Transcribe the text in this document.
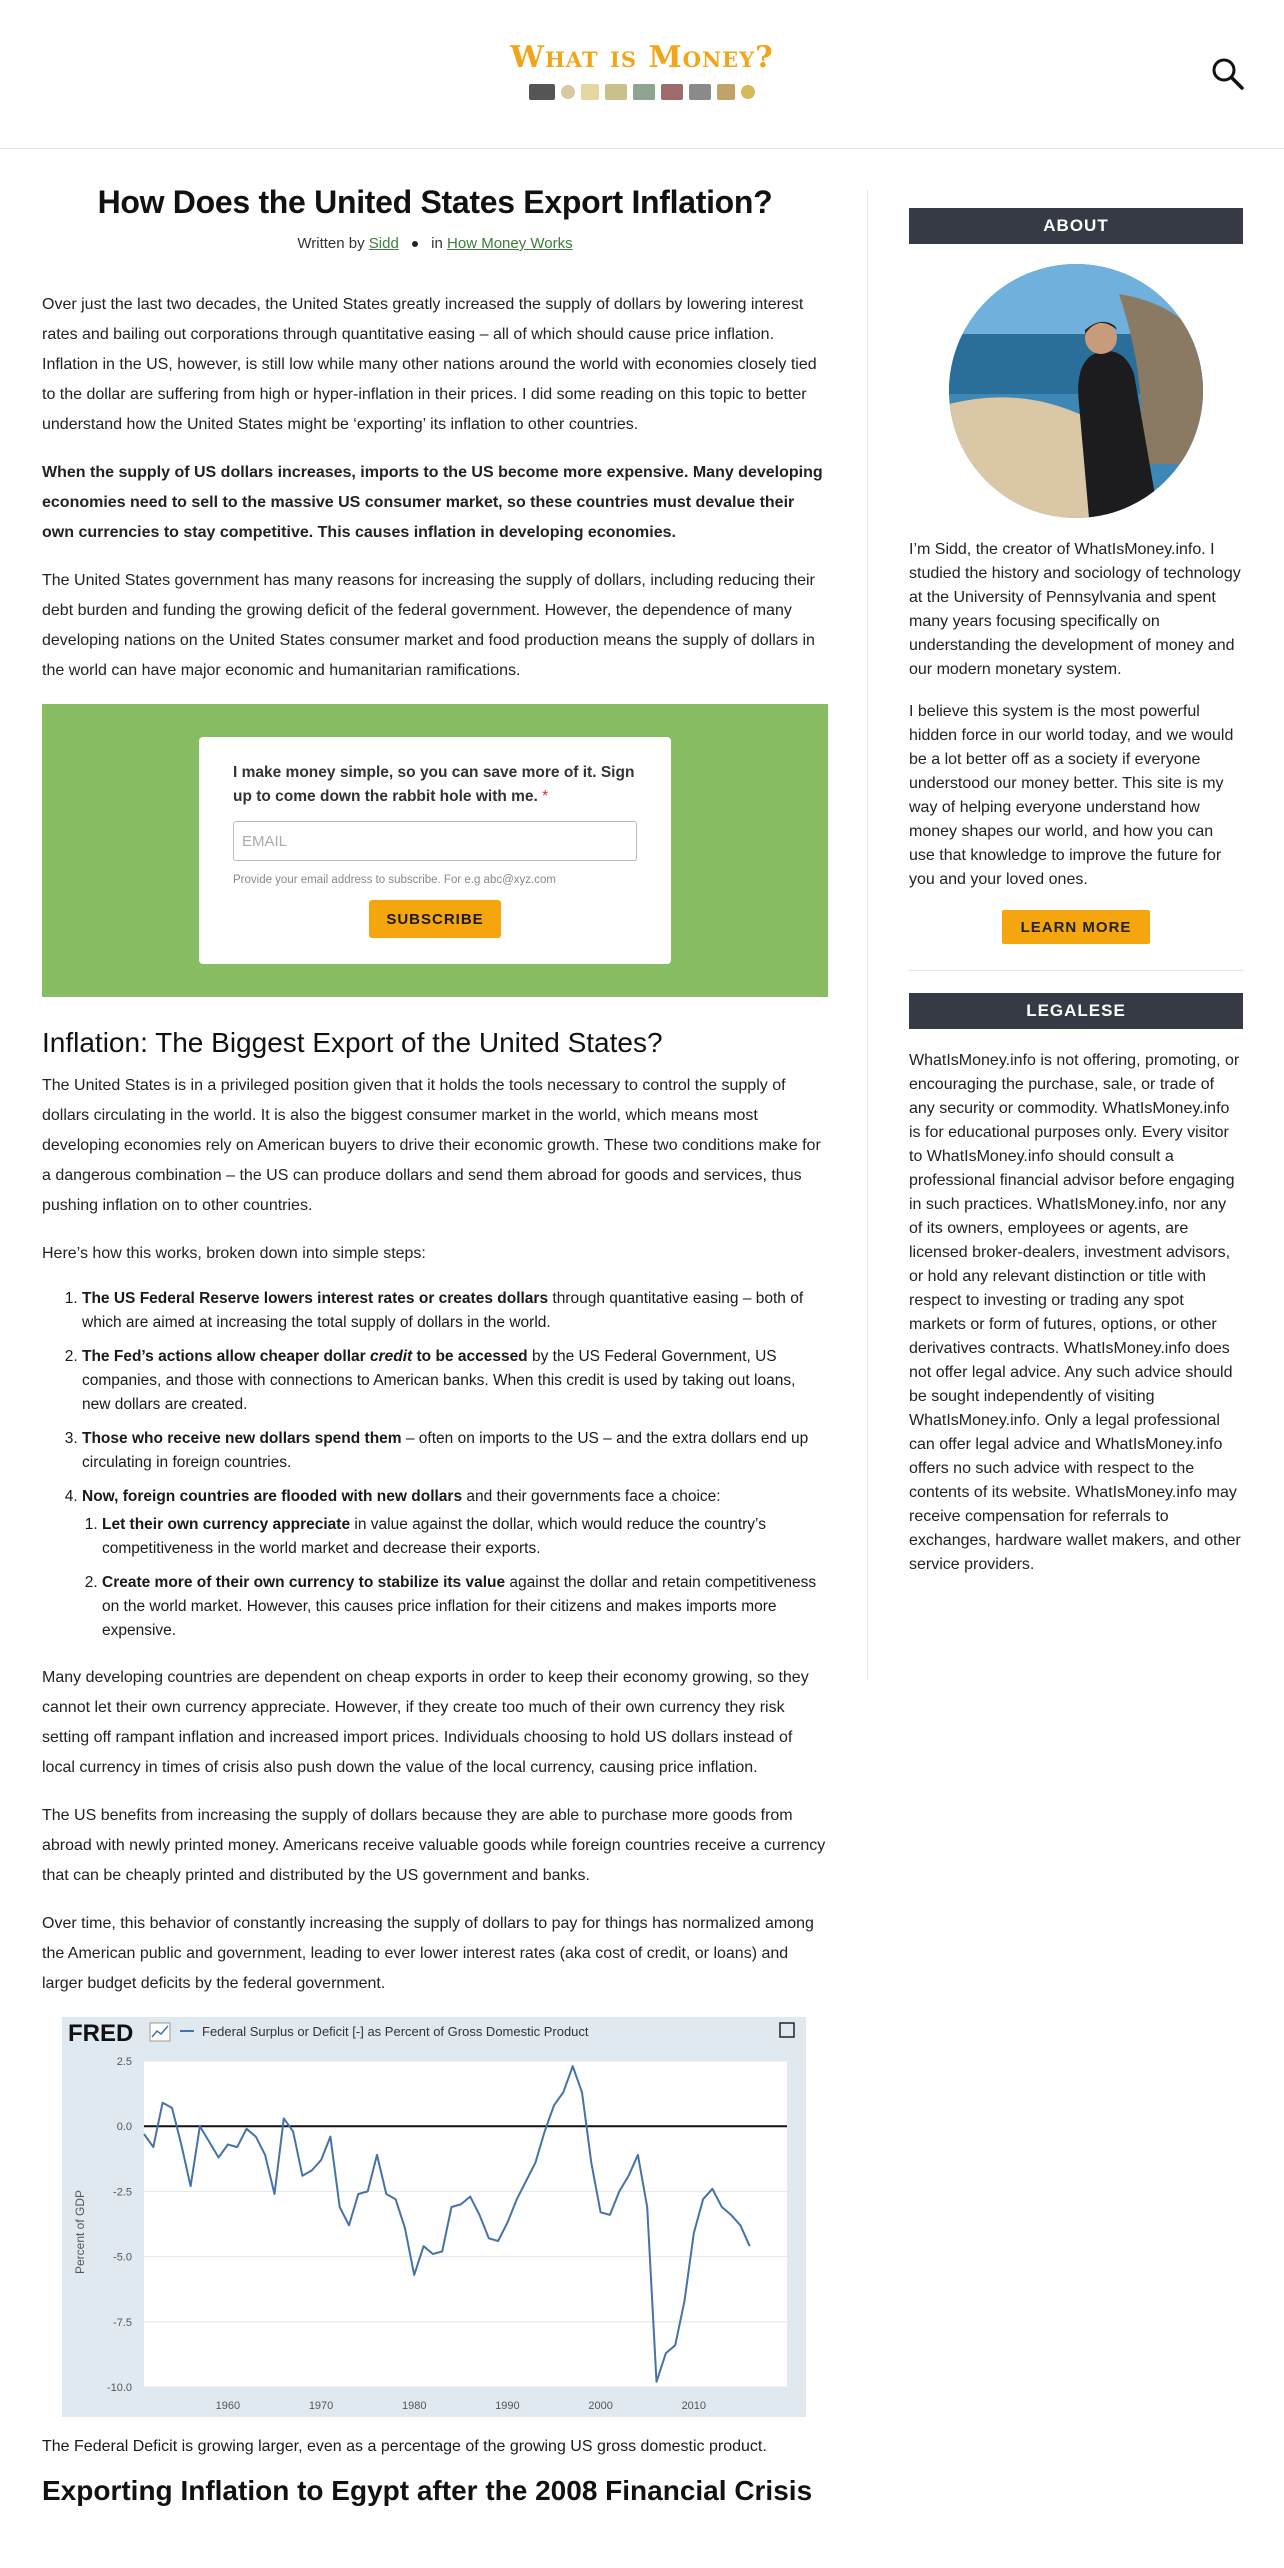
What is Money?
How Does the United States Export Inflation?
Written by Sidd in How Money Works

Over just the last two decades, the United States greatly increased the supply of dollars by lowering interest rates and bailing out corporations through quantitative easing – all of which should cause price inflation. Inflation in the US, however, is still low while many other nations around the world with economies closely tied to the dollar are suffering from high or hyper-inflation in their prices. I did some reading on this topic to better understand how the United States might be ‘exporting’ its inflation to other countries.

When the supply of US dollars increases, imports to the US become more expensive. Many developing economies need to sell to the massive US consumer market, so these countries must devalue their own currencies to stay competitive. This causes inflation in developing economies.

The United States government has many reasons for increasing the supply of dollars, including reducing their debt burden and funding the growing deficit of the federal government. However, the dependence of many developing nations on the United States consumer market and food production means the supply of dollars in the world can have major economic and humanitarian ramifications.

I make money simple, so you can save more of it. Sign up to come down the rabbit hole with me. *
EMAIL
Provide your email address to subscribe. For e.g abc@xyz.com
SUBSCRIBE
Inflation: The Biggest Export of the United States?

The United States is in a privileged position given that it holds the tools necessary to control the supply of dollars circulating in the world. It is also the biggest consumer market in the world, which means most developing economies rely on American buyers to drive their economic growth. These two conditions make for a dangerous combination – the US can produce dollars and send them abroad for goods and services, thus pushing inflation on to other countries.

Here’s how this works, broken down into simple steps:

1. The US Federal Reserve lowers interest rates or creates dollars through quantitative easing – both of which are aimed at increasing the total supply of dollars in the world.
2. The Fed’s actions allow cheaper dollar credit to be accessed by the US Federal Government, US companies, and those with connections to American banks. When this credit is used by taking out loans, new dollars are created.
3. Those who receive new dollars spend them – often on imports to the US – and the extra dollars end up circulating in foreign countries.
4. Now, foreign countries are flooded with new dollars and their governments face a choice:
1. Let their own currency appreciate in value against the dollar, which would reduce the country’s competitiveness in the world market and decrease their exports.
2. Create more of their own currency to stabilize its value against the dollar and retain competitiveness on the world market. However, this causes price inflation for their citizens and makes imports more expensive.

Many developing countries are dependent on cheap exports in order to keep their economy growing, so they cannot let their own currency appreciate. However, if they create too much of their own currency they risk setting off rampant inflation and increased import prices. Individuals choosing to hold US dollars instead of local currency in times of crisis also push down the value of the local currency, causing price inflation.

The US benefits from increasing the supply of dollars because they are able to purchase more goods from abroad with newly printed money. Americans receive valuable goods while foreign countries receive a currency that can be cheaply printed and distributed by the US government and banks.

Over time, this behavior of constantly increasing the supply of dollars to pay for things has normalized among the American public and government, leading to ever lower interest rates (aka cost of credit, or loans) and larger budget deficits by the federal government.

FRED	Federal Surplus or Deficit [-] as Percent of Gross Domestic Product
2.5
0.0
-2.5
-5.0
-7.5
-10.0
1960	1970	1980	1990	2000	2010
Percent of GDP
The Federal Deficit is growing larger, even as a percentage of the growing US gross domestic product.
Exporting Inflation to Egypt after the 2008 Financial Crisis
ABOUT

I’m Sidd, the creator of WhatIsMoney.info. I studied the history and sociology of technology at the University of Pennsylvania and spent many years focusing specifically on understanding the development of money and our modern monetary system.

I believe this system is the most powerful hidden force in our world today, and we would be a lot better off as a society if everyone understood our money better. This site is my way of helping everyone understand how money shapes our world, and how you can use that knowledge to improve the future for you and your loved ones.

LEARN MORE
LEGALESE

WhatIsMoney.info is not offering, promoting, or encouraging the purchase, sale, or trade of any security or commodity. WhatIsMoney.info is for educational purposes only. Every visitor to WhatIsMoney.info should consult a professional financial advisor before engaging in such practices. WhatIsMoney.info, nor any of its owners, employees or agents, are licensed broker-dealers, investment advisors, or hold any relevant distinction or title with respect to investing or trading any spot markets or form of futures, options, or other derivatives contracts. WhatIsMoney.info does not offer legal advice. Any such advice should be sought independently of visiting WhatIsMoney.info. Only a legal professional can offer legal advice and WhatIsMoney.info offers no such advice with respect to the contents of its website. WhatIsMoney.info may receive compensation for referrals to exchanges, hardware wallet makers, and other service providers.
